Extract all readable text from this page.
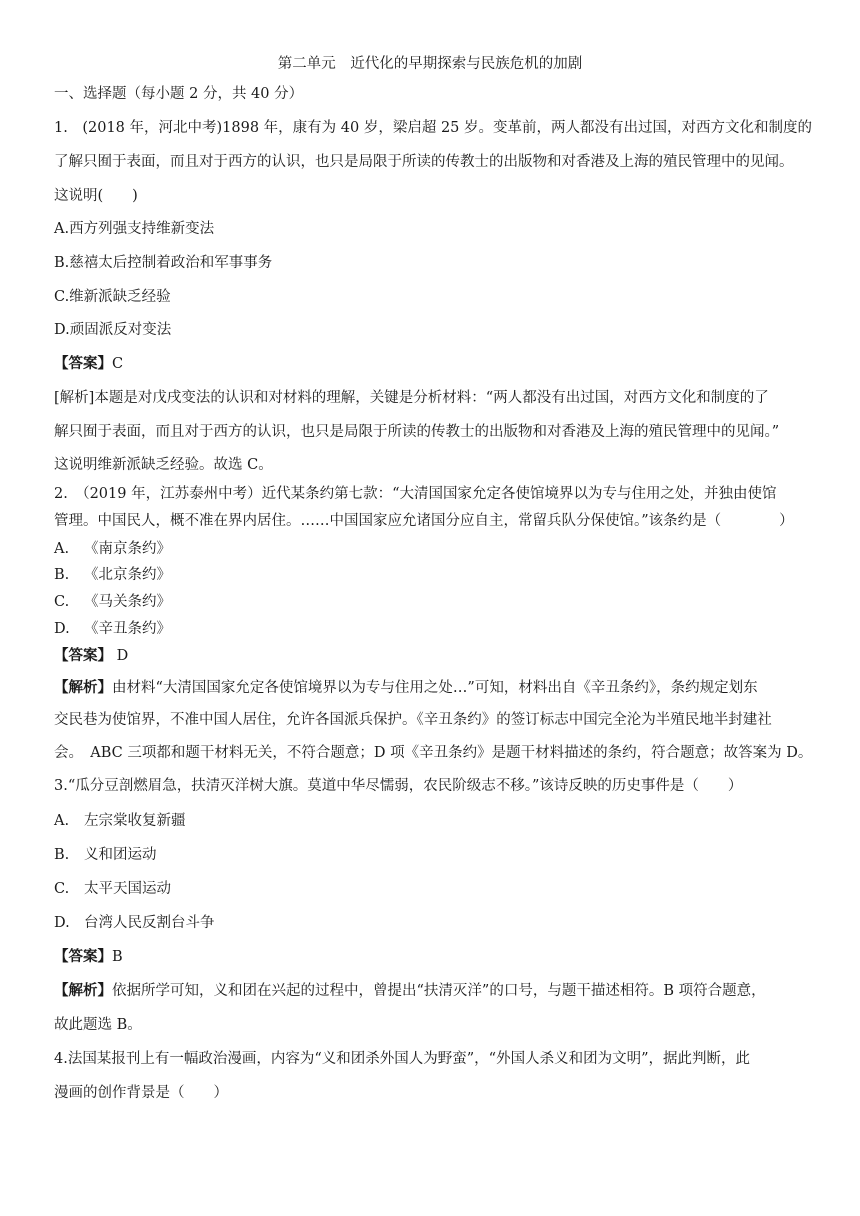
第二单元　近代化的早期探索与民族危机的加剧
一、选择题（每小题 2 分，共 40 分）
1.　(2018 年，河北中考)1898 年，康有为 40 岁，梁启超 25 岁。变革前，两人都没有出过国，对西方文化和制度的
了解只囿于表面，而且对于西方的认识，也只是局限于所读的传教士的出版物和对香港及上海的殖民管理中的见闻。
这说明(　　)
A.西方列强支持维新变法
B.慈禧太后控制着政治和军事事务
C.维新派缺乏经验
D.顽固派反对变法
【答案】C
[解析]本题是对戊戌变法的认识和对材料的理解，关键是分析材料：“两人都没有出过国，对西方文化和制度的了
解只囿于表面，而且对于西方的认识，也只是局限于所读的传教士的出版物和对香港及上海的殖民管理中的见闻。”
这说明维新派缺乏经验。故选 C。
2.　（2019 年，江苏泰州中考）近代某条约第七款：“大清国国家允定各使馆境界以为专与住用之处，并独由使馆
管理。中国民人，概不准在界内居住。……中国国家应允诸国分应自主，常留兵队分保使馆。”该条约是（　　　　）
A. 《南京条约》
B. 《北京条约》
C. 《马关条约》
D. 《辛丑条约》
【答案】 D
【解析】由材料“大清国国家允定各使馆境界以为专与住用之处…”可知，材料出自《辛丑条约》，条约规定划东
交民巷为使馆界，不准中国人居住，允许各国派兵保护。《辛丑条约》的签订标志中国完全沦为半殖民地半封建社
会。　ABC 三项都和题干材料无关，不符合题意；D 项《辛丑条约》是题干材料描述的条约，符合题意；故答案为 D。
3.“瓜分豆剖燃眉急，扶清灭洋树大旗。莫道中华尽懦弱，农民阶级志不移。”该诗反映的历史事件是（　　）
A. 左宗棠收复新疆
B. 义和团运动
C. 太平天国运动
D. 台湾人民反割台斗争
【答案】B
【解析】依据所学可知，义和团在兴起的过程中，曾提出“扶清灭洋”的口号，与题干描述相符。B 项符合题意，
故此题选 B。
4.法国某报刊上有一幅政治漫画，内容为“义和团杀外国人为野蛮”，“外国人杀义和团为文明”，据此判断，此
漫画的创作背景是（　　）
